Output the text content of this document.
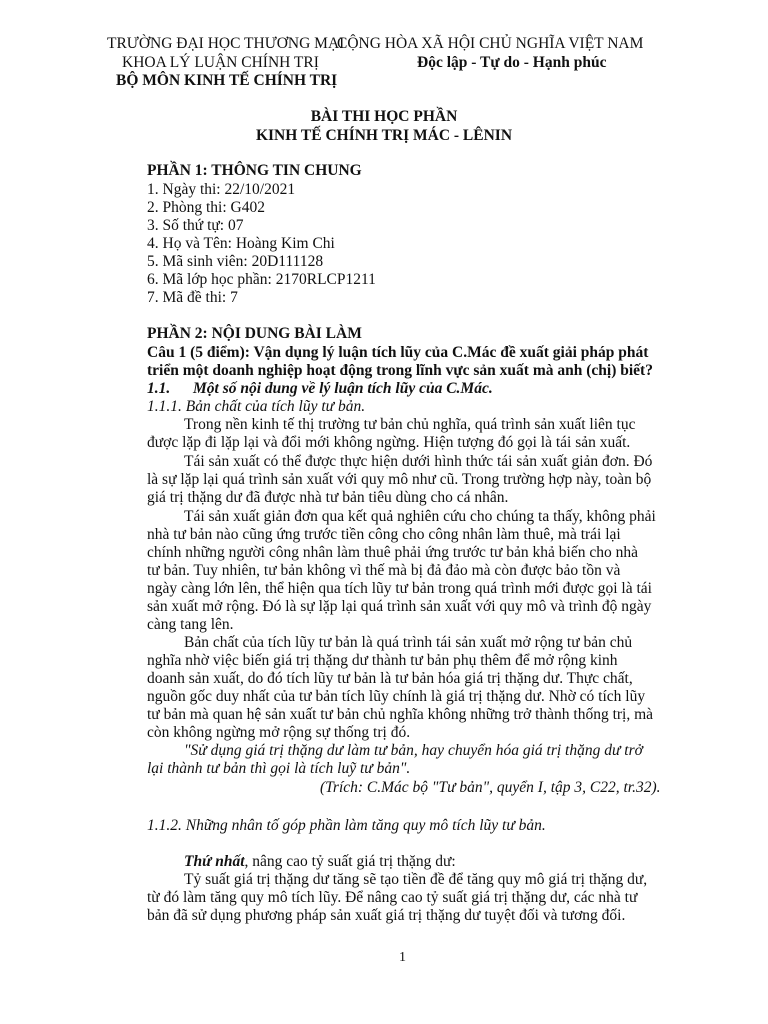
TRƯỜNG ĐẠI HỌC THƯƠNG MẠI
CỘNG HÒA XÃ HỘI CHỦ NGHĨA VIỆT NAM
KHOA LÝ LUẬN CHÍNH TRỊ	Độc lập - Tự do - Hạnh phúc
BỘ MÔN KINH TẾ CHÍNH TRỊ
BÀI THI HỌC PHẦN
KINH TẾ CHÍNH TRỊ MÁC - LÊNIN
PHẦN 1: THÔNG TIN CHUNG
1. Ngày thi: 22/10/2021
2. Phòng thi: G402
3. Số thứ tự: 07
4. Họ và Tên: Hoàng Kim Chi
5. Mã sinh viên: 20D111128
6. Mã lớp học phần: 2170RLCP1211
7. Mã đề thi: 7
PHẦN 2: NỘI DUNG BÀI LÀM
Câu 1 (5 điểm): Vận dụng lý luận tích lũy của C.Mác đề xuất giải pháp phát
triển một doanh nghiệp hoạt động trong lĩnh vực sản xuất mà anh (chị) biết?
1.1. Một số nội dung về lý luận tích lũy của C.Mác.
1.1.1. Bản chất của tích lũy tư bản.
Trong nền kinh tế thị trường tư bản chủ nghĩa, quá trình sản xuất liên tục
được lặp đi lặp lại và đổi mới không ngừng. Hiện tượng đó gọi là tái sản xuất.
Tái sản xuất có thể được thực hiện dưới hình thức tái sản xuất giản đơn. Đó
là sự lặp lại quá trình sản xuất với quy mô như cũ. Trong trường hợp này, toàn bộ
giá trị thặng dư đã được nhà tư bản tiêu dùng cho cá nhân.
Tái sản xuất giản đơn qua kết quả nghiên cứu cho chúng ta thấy, không phải
nhà tư bản nào cũng ứng trước tiền công cho công nhân làm thuê, mà trái lại
chính những người công nhân làm thuê phải ứng trước tư bản khả biến cho nhà
tư bản. Tuy nhiên, tư bản không vì thế mà bị đả đảo mà còn được bảo tồn và
ngày càng lớn lên, thể hiện qua tích lũy tư bản trong quá trình mới được gọi là tái
sản xuất mở rộng. Đó là sự lặp lại quá trình sản xuất với quy mô và trình độ ngày
càng tang lên.
Bản chất của tích lũy tư bản là quá trình tái sản xuất mở rộng tư bản chủ
nghĩa nhờ việc biến giá trị thặng dư thành tư bản phụ thêm để mở rộng kinh
doanh sản xuất, do đó tích lũy tư bản là tư bản hóa giá trị thặng dư. Thực chất,
nguồn gốc duy nhất của tư bản tích lũy chính là giá trị thặng dư. Nhờ có tích lũy
tư bản mà quan hệ sản xuất tư bản chủ nghĩa không những trở thành thống trị, mà
còn không ngừng mở rộng sự thống trị đó.
"Sử dụng giá trị thặng dư làm tư bản, hay chuyển hóa giá trị thặng dư trở
lại thành tư bản thì gọi là tích luỹ tư bản".
(Trích: C.Mác bộ "Tư bản", quyển I, tập 3, C22, tr.32).
1.1.2. Những nhân tố góp phần làm tăng quy mô tích lũy tư bản.
Thứ nhất, nâng cao tỷ suất giá trị thặng dư:
Tỷ suất giá trị thặng dư tăng sẽ tạo tiền đề để tăng quy mô giá trị thặng dư,
từ đó làm tăng quy mô tích lũy. Để nâng cao tỷ suất giá trị thặng dư, các nhà tư
bản đã sử dụng phương pháp sản xuất giá trị thặng dư tuyệt đối và tương đối.
1
